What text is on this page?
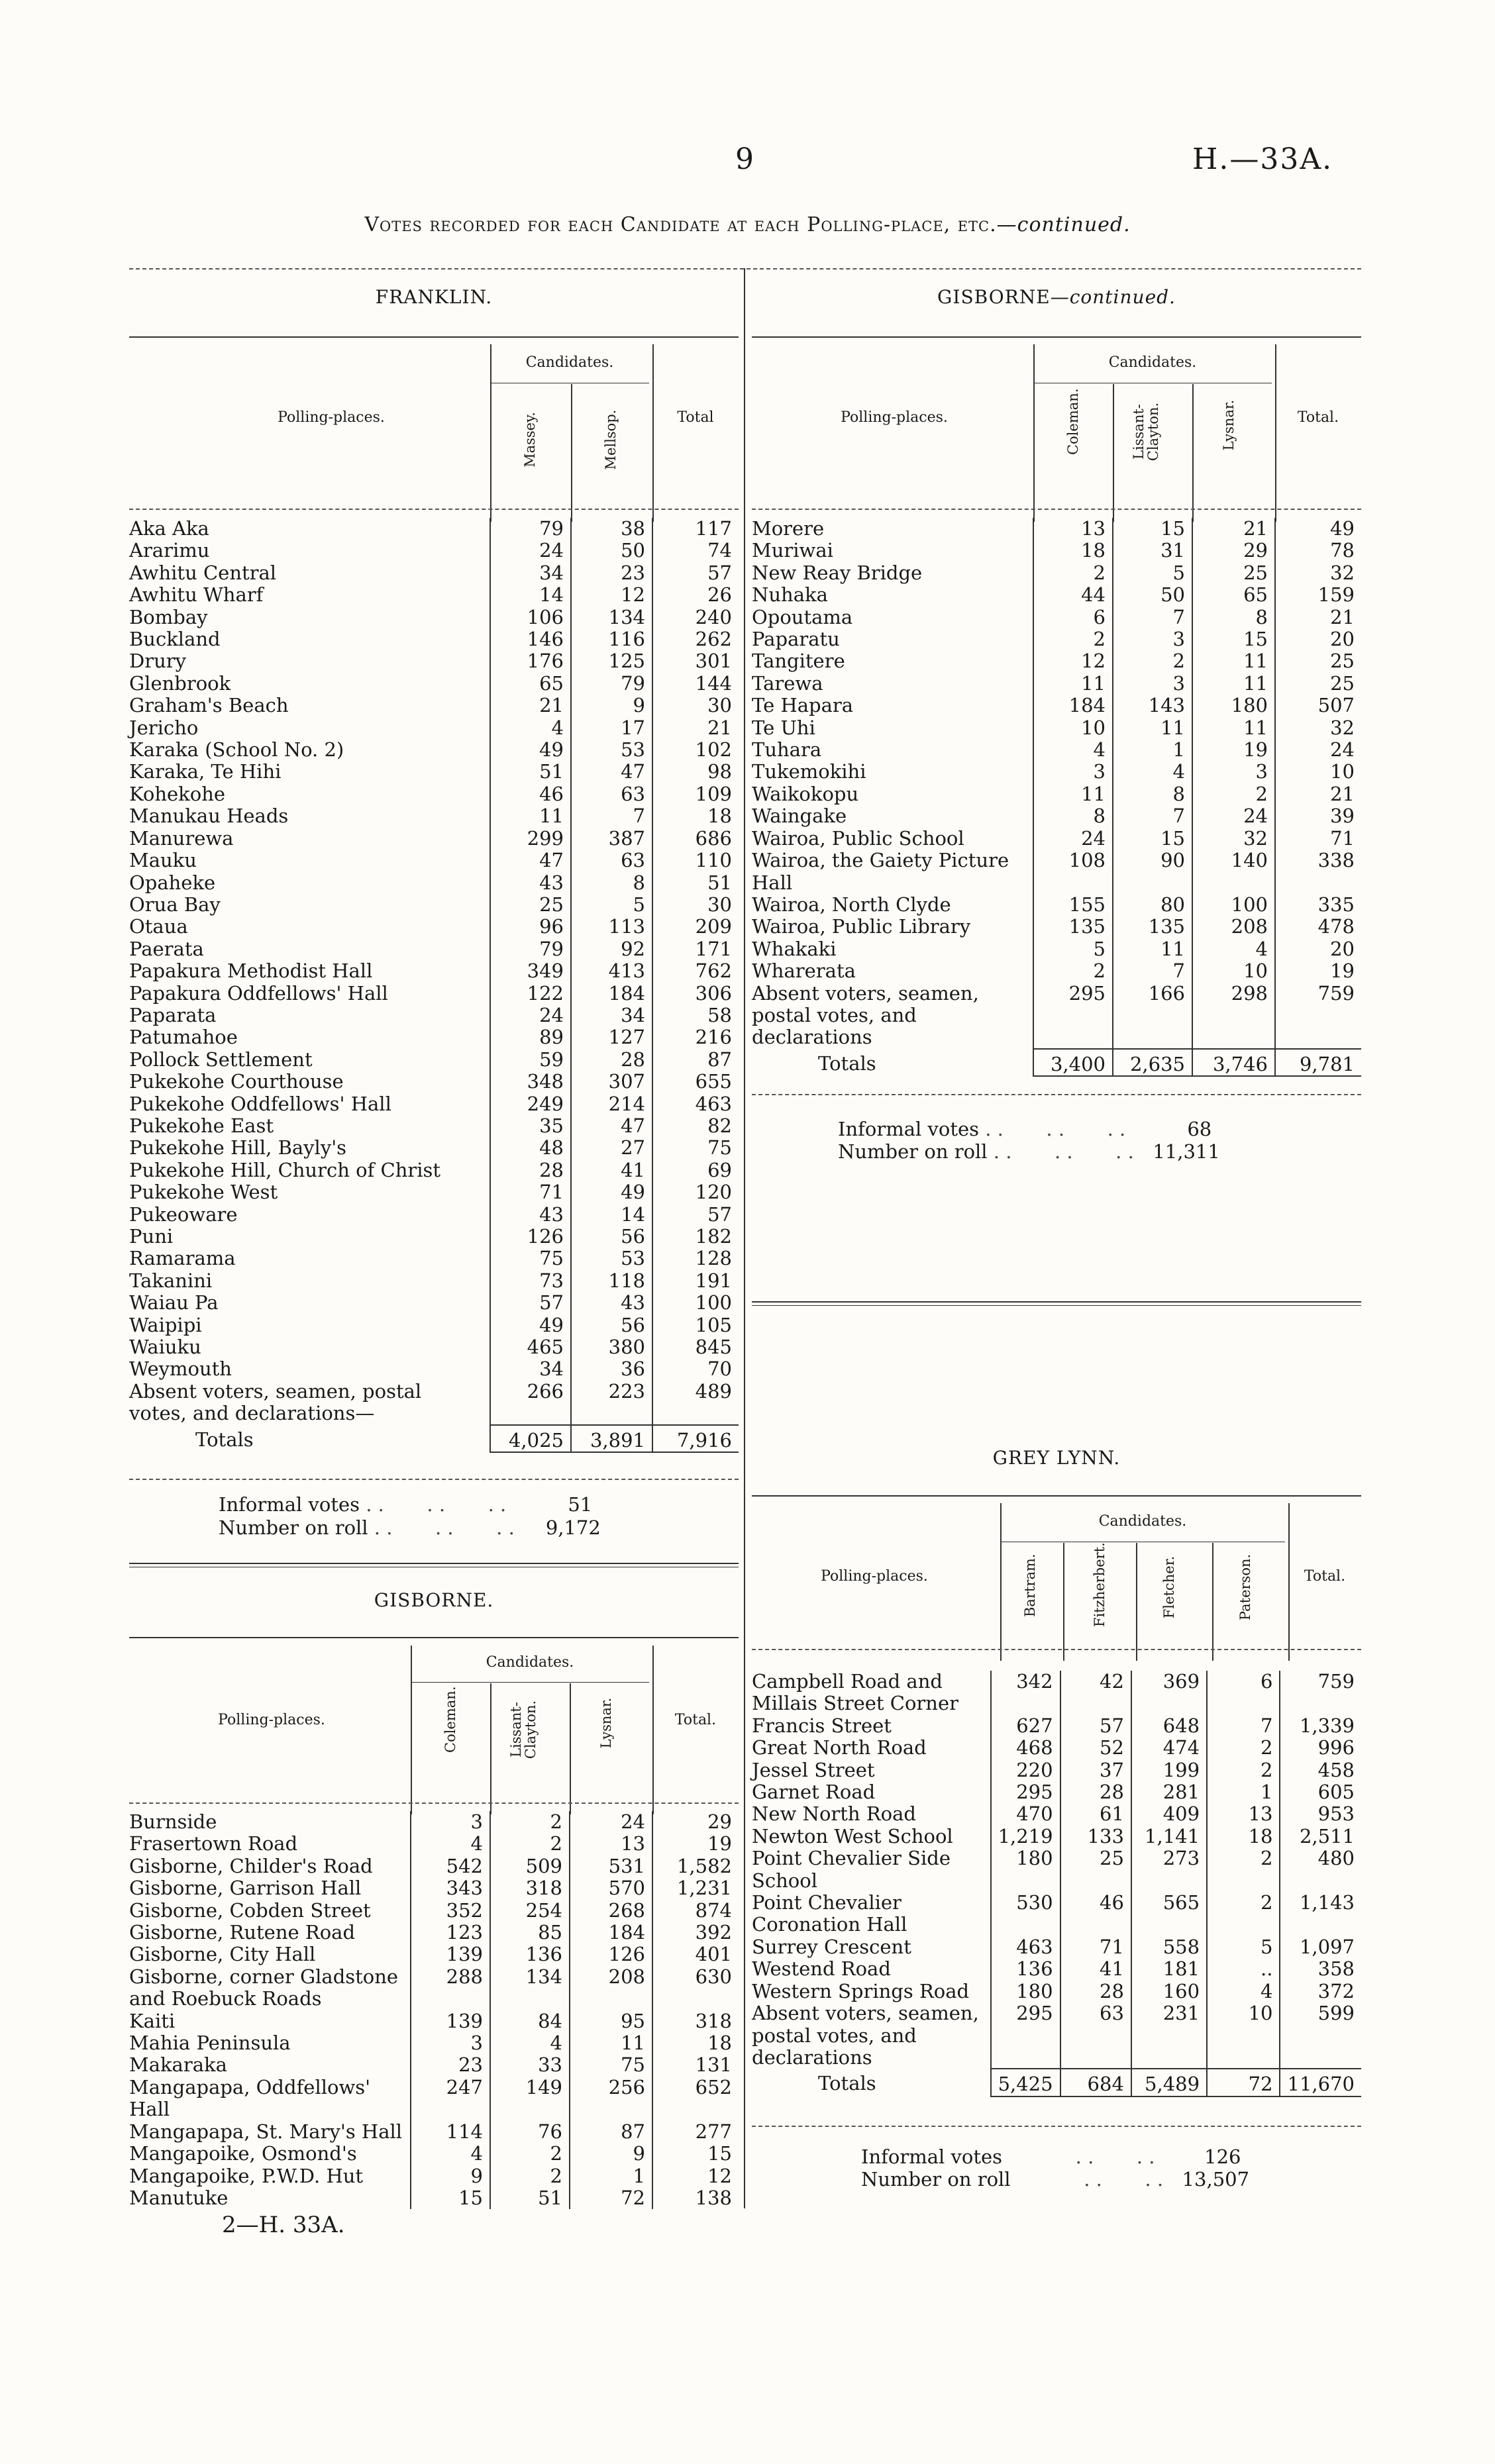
9	H.—33A.
Votes recorded for each Candidate at each Polling-place, etc.—continued.
FRANKLIN.
Candidates.
Polling-places.	Massey.	Mellsop.	Total
Aka Aka	79	38	117
Ararimu	24	50	74
Awhitu Central	34	23	57
Awhitu Wharf	14	12	26
Bombay	106	134	240
Buckland	146	116	262
Drury	176	125	301
Glenbrook	65	79	144
Graham's Beach	21	9	30
Jericho	4	17	21
Karaka (School No. 2)	49	53	102
Karaka, Te Hihi	51	47	98
Kohekohe	46	63	109
Manukau Heads	11	7	18
Manurewa	299	387	686
Mauku	47	63	110
Opaheke	43	8	51
Orua Bay	25	5	30
Otaua	96	113	209
Paerata	79	92	171
Papakura Methodist Hall	349	413	762
Papakura Oddfellows' Hall	122	184	306
Paparata	24	34	58
Patumahoe	89	127	216
Pollock Settlement	59	28	87
Pukekohe Courthouse	348	307	655
Pukekohe Oddfellows' Hall	249	214	463
Pukekohe East	35	47	82
Pukekohe Hill, Bayly's	48	27	75
Pukekohe Hill, Church of Christ	28	41	69
Pukekohe West	71	49	120
Pukeoware	43	14	57
Puni	126	56	182
Ramarama	75	53	128
Takanini	73	118	191
Waiau Pa	57	43	100
Waipipi	49	56	105
Waiuku	465	380	845
Weymouth	34	36	70
Absent voters, seamen, postal votes, and declarations—	266	223	489
Totals	4,025	3,891	7,916
Informal votes . .       . .       . .	51
Number on roll . .       . .       . . 9,172
GISBORNE.
Candidates.
Polling-places.	Coleman.	Lissant-Clayton.	Lysnar.	Total.
Burnside	3	2	24	29
Frasertown Road	4	2	13	19
Gisborne, Childer's Road	542	509	531	1,582
Gisborne, Garrison Hall	343	318	570	1,231
Gisborne, Cobden Street	352	254	268	874
Gisborne, Rutene Road	123	85	184	392
Gisborne, City Hall	139	136	126	401
Gisborne, corner Gladstone and Roebuck Roads	288	134	208	630
Kaiti	139	84	95	318
Mahia Peninsula	3	4	11	18
Makaraka	23	33	75	131
Mangapapa, Oddfellows' Hall	247	149	256	652
Mangapapa, St. Mary's Hall	114	76	87	277
Mangapoike, Osmond's	4	2	9	15
Mangapoike, P.W.D. Hut	9	2	1	12
Manutuke	15	51	72	138
2—H. 33A.
GISBORNE—continued.
Candidates.
Polling-places.	Coleman.	Lissant-Clayton.	Lysnar.	Total.
Morere	13	15	21	49
Muriwai	18	31	29	78
New Reay Bridge	2	5	25	32
Nuhaka	44	50	65	159
Opoutama	6	7	8	21
Paparatu	2	3	15	20
Tangitere	12	2	11	25
Tarewa	11	3	11	25
Te Hapara	184	143	180	507
Te Uhi	10	11	11	32
Tuhara	4	1	19	24
Tukemokihi	3	4	3	10
Waikokopu	11	8	2	21
Waingake	8	7	24	39
Wairoa, Public School	24	15	32	71
Wairoa, the Gaiety Picture Hall	108	90	140	338
Wairoa, North Clyde	155	80	100	335
Wairoa, Public Library	135	135	208	478
Whakaki	5	11	4	20
Wharerata	2	7	10	19
Absent voters, seamen, postal votes, and declarations	295	166	298	759
Totals	3,400	2,635	3,746	9,781
Informal votes . .       . .       . .	68
Number on roll . .       . .       . . 11,311
GREY LYNN.
Candidates.
Polling-places.	Bartram.	Fitzherbert.	Fletcher.	Paterson.	Total.
Campbell Road and Millais Street Corner	342	42	369	6	759
Francis Street	627	57	648	7	1,339
Great North Road	468	52	474	2	996
Jessel Street	220	37	199	2	458
Garnet Road	295	28	281	1	605
New North Road	470	61	409	13	953
Newton West School	1,219	133	1,141	18	2,511
Point Chevalier Side School	180	25	273	2	480
Point Chevalier Coronation Hall	530	46	565	2	1,143
Surrey Crescent	463	71	558	5	1,097
Westend Road	136	41	181	..	358
Western Springs Road	180	28	160	4	372
Absent voters, seamen, postal votes, and declarations	295	63	231	10	599
Totals	5,425	684	5,489	72	11,670
Informal votes            . .       . .	126
Number on roll            . .       . . 13,507
